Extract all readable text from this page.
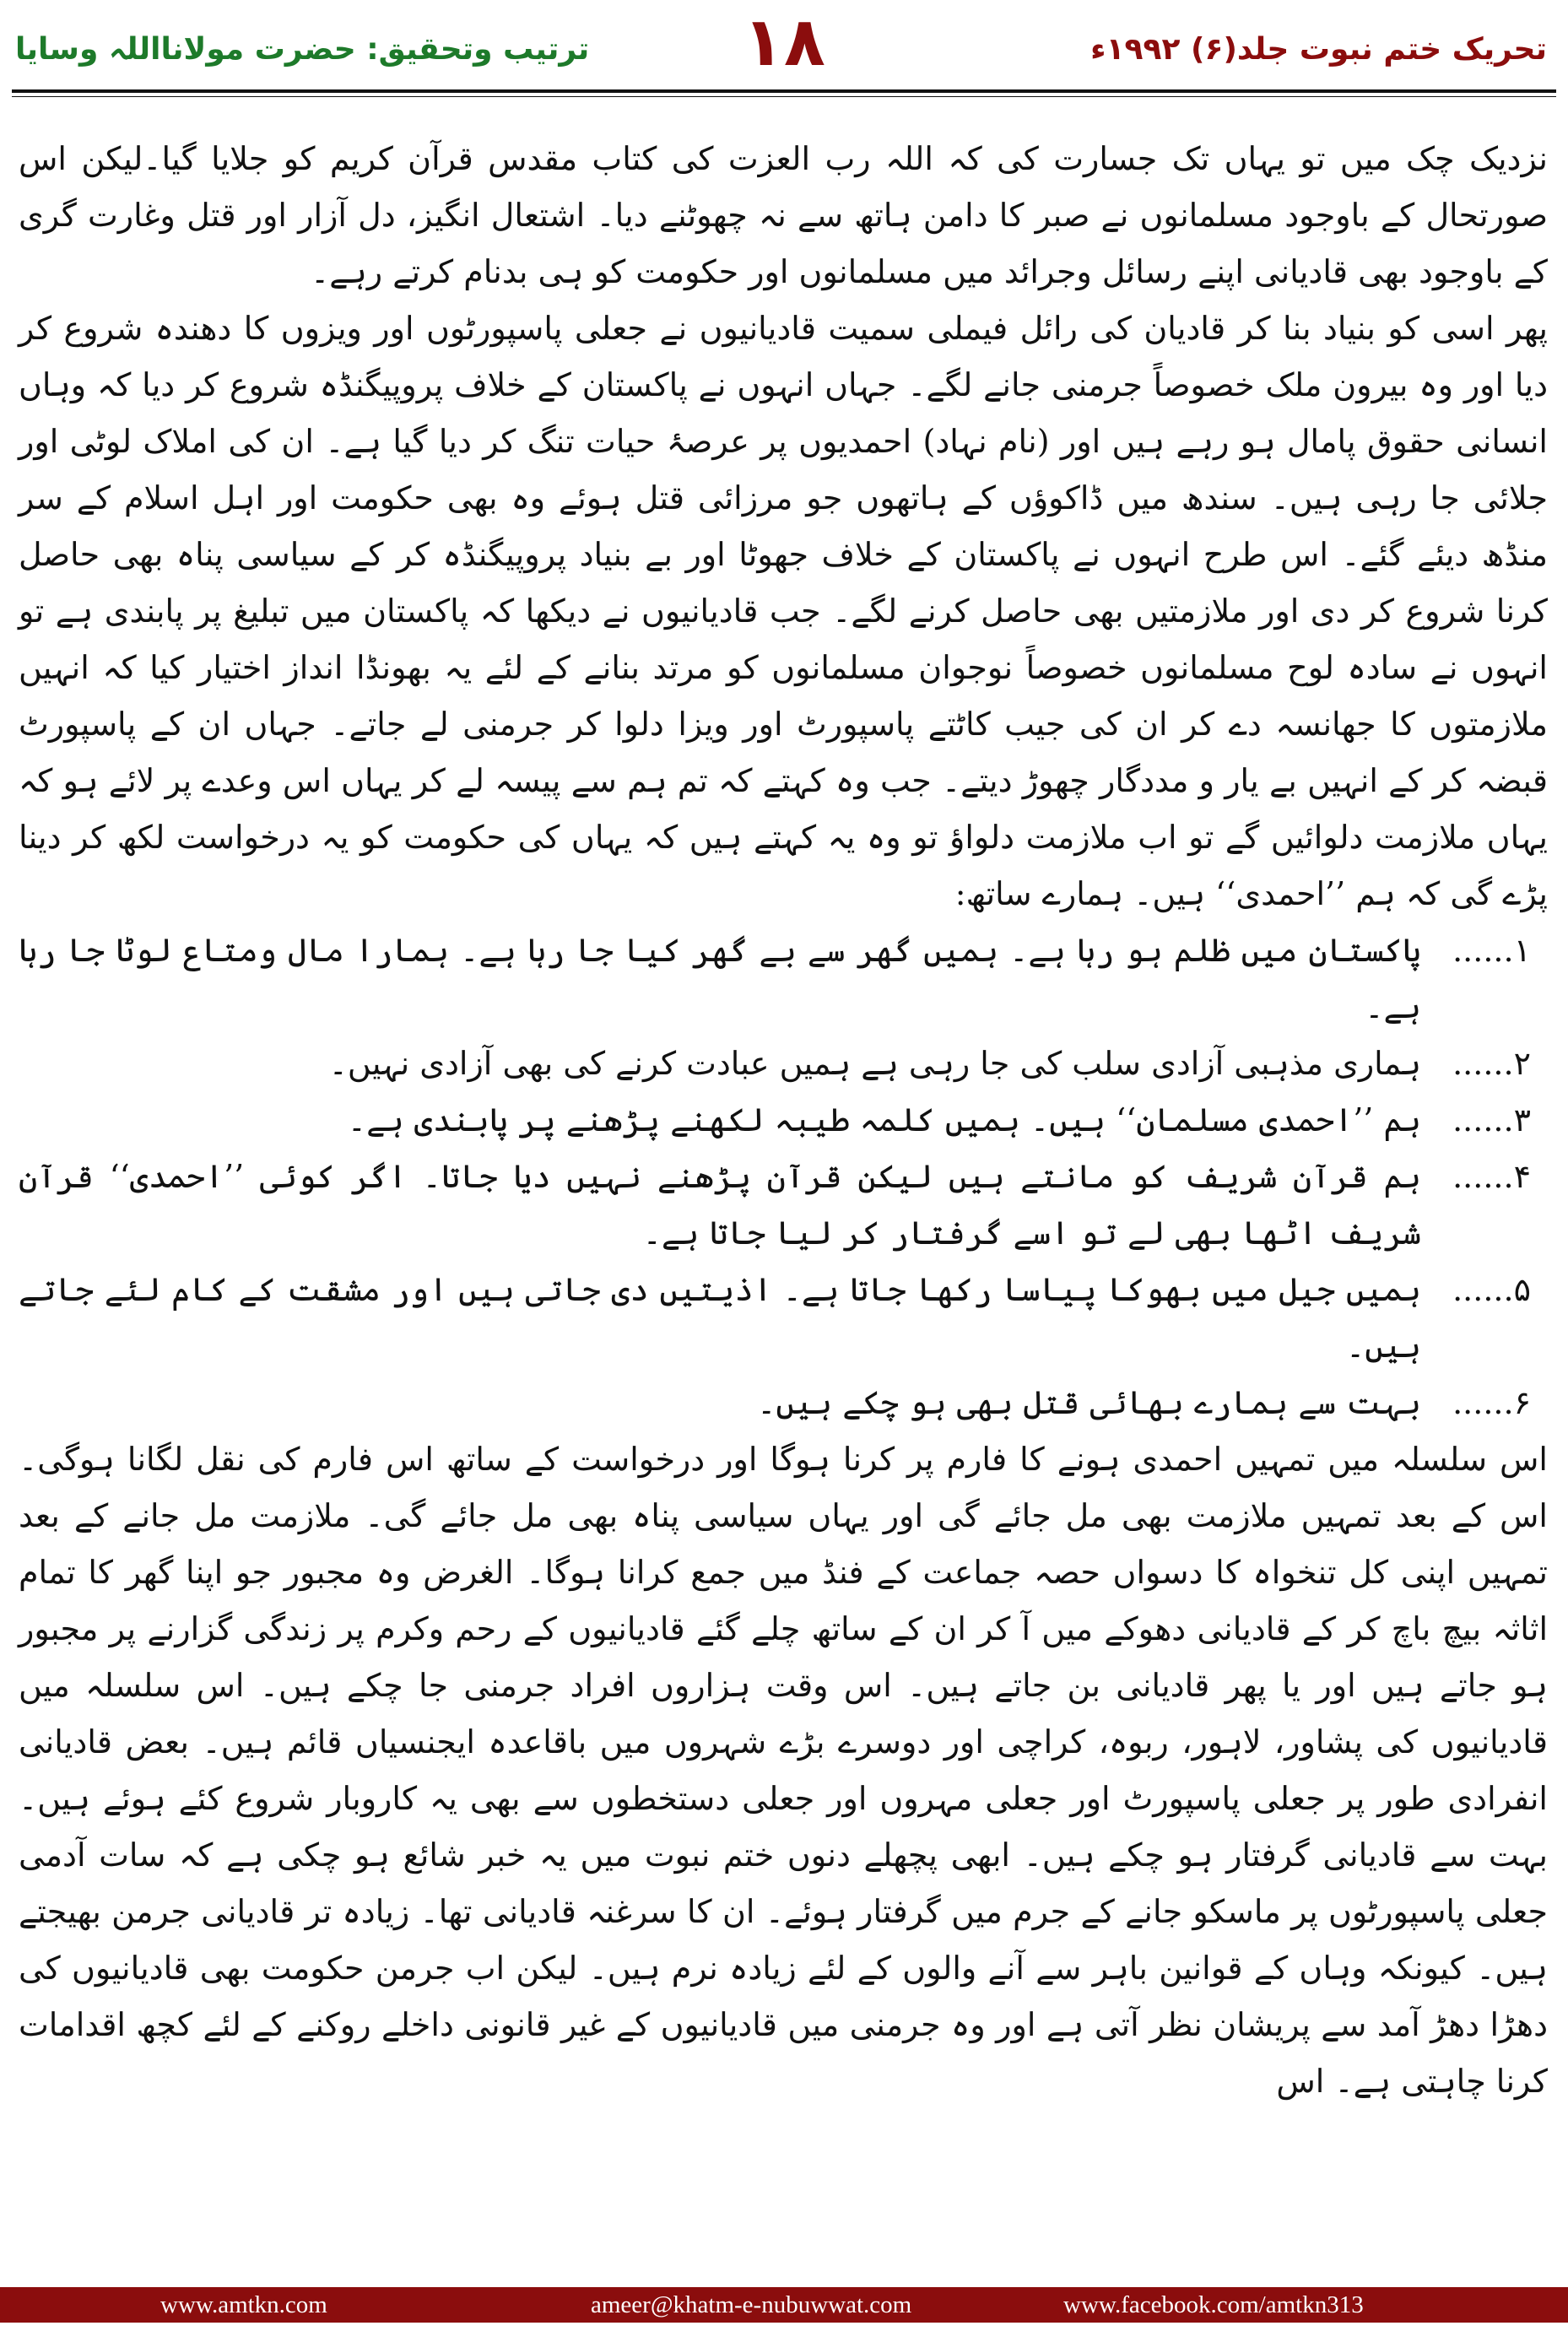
تحریک ختم نبوت جلد(۶) ۱۹۹۲ء
۱۸
ترتیب وتحقیق: حضرت مولانااللہ وسایا

نزدیک چک میں تو یہاں تک جسارت کی کہ اللہ رب العزت کی کتاب مقدس قرآن کریم کو جلایا گیا۔لیکن اس صورتحال کے باوجود مسلمانوں نے صبر کا دامن ہاتھ سے نہ چھوٹنے دیا۔ اشتعال انگیز، دل آزار اور قتل وغارت گری کے باوجود بھی قادیانی اپنے رسائل وجرائد میں مسلمانوں اور حکومت کو ہی بدنام کرتے رہے۔

پھر اسی کو بنیاد بنا کر قادیان کی رائل فیملی سمیت قادیانیوں نے جعلی پاسپورٹوں اور ویزوں کا دھندہ شروع کر دیا اور وہ بیرون ملک خصوصاً جرمنی جانے لگے۔ جہاں انہوں نے پاکستان کے خلاف پروپیگنڈہ شروع کر دیا کہ وہاں انسانی حقوق پامال ہو رہے ہیں اور (نام نہاد) احمدیوں پر عرصۂ حیات تنگ کر دیا گیا ہے۔ ان کی املاک لوٹی اور جلائی جا رہی ہیں۔ سندھ میں ڈاکوؤں کے ہاتھوں جو مرزائی قتل ہوئے وہ بھی حکومت اور اہل اسلام کے سر منڈھ دیئے گئے۔ اس طرح انہوں نے پاکستان کے خلاف جھوٹا اور بے بنیاد پروپیگنڈہ کر کے سیاسی پناہ بھی حاصل کرنا شروع کر دی اور ملازمتیں بھی حاصل کرنے لگے۔ جب قادیانیوں نے دیکھا کہ پاکستان میں تبلیغ پر پابندی ہے تو انہوں نے سادہ لوح مسلمانوں خصوصاً نوجوان مسلمانوں کو مرتد بنانے کے لئے یہ بھونڈا انداز اختیار کیا کہ انہیں ملازمتوں کا جھانسہ دے کر ان کی جیب کاٹتے پاسپورٹ اور ویزا دلوا کر جرمنی لے جاتے۔ جہاں ان کے پاسپورٹ قبضہ کر کے انہیں بے یار و مددگار چھوڑ دیتے۔ جب وہ کہتے کہ تم ہم سے پیسہ لے کر یہاں اس وعدے پر لائے ہو کہ یہاں ملازمت دلوائیں گے تو اب ملازمت دلواؤ تو وہ یہ کہتے ہیں کہ یہاں کی حکومت کو یہ درخواست لکھ کر دینا پڑے گی کہ ہم ’’احمدی‘‘ ہیں۔ ہمارے ساتھ:

۱......
پاکستان میں ظلم ہو رہا ہے۔ ہمیں گھر سے بے گھر کیا جا رہا ہے۔ ہمارا مال ومتاع لوٹا جا رہا ہے۔
۲......
ہماری مذہبی آزادی سلب کی جا رہی ہے ہمیں عبادت کرنے کی بھی آزادی نہیں۔
۳......
ہم ’’احمدی مسلمان‘‘ ہیں۔ ہمیں کلمہ طیبہ لکھنے پڑھنے پر پابندی ہے۔
۴......
ہم قرآن شریف کو مانتے ہیں لیکن قرآن پڑھنے نہیں دیا جاتا۔ اگر کوئی ’’احمدی‘‘ قرآن شریف اٹھا بھی لے تو اسے گرفتار کر لیا جاتا ہے۔
۵......
ہمیں جیل میں بھوکا پیاسا رکھا جاتا ہے۔ اذیتیں دی جاتی ہیں اور مشقت کے کام لئے جاتے ہیں۔
۶......
بہت سے ہمارے بھائی قتل بھی ہو چکے ہیں۔

اس سلسلہ میں تمہیں احمدی ہونے کا فارم پر کرنا ہوگا اور درخواست کے ساتھ اس فارم کی نقل لگانا ہوگی۔ اس کے بعد تمہیں ملازمت بھی مل جائے گی اور یہاں سیاسی پناہ بھی مل جائے گی۔ ملازمت مل جانے کے بعد تمہیں اپنی کل تنخواہ کا دسواں حصہ جماعت کے فنڈ میں جمع کرانا ہوگا۔ الغرض وہ مجبور جو اپنا گھر کا تمام اثاثہ بیچ باچ کر کے قادیانی دھوکے میں آ کر ان کے ساتھ چلے گئے قادیانیوں کے رحم وکرم پر زندگی گزارنے پر مجبور ہو جاتے ہیں اور یا پھر قادیانی بن جاتے ہیں۔ اس وقت ہزاروں افراد جرمنی جا چکے ہیں۔ اس سلسلہ میں قادیانیوں کی پشاور، لاہور، ربوہ، کراچی اور دوسرے بڑے شہروں میں باقاعدہ ایجنسیاں قائم ہیں۔ بعض قادیانی انفرادی طور پر جعلی پاسپورٹ اور جعلی مہروں اور جعلی دستخطوں سے بھی یہ کاروبار شروع کئے ہوئے ہیں۔ بہت سے قادیانی گرفتار ہو چکے ہیں۔ ابھی پچھلے دنوں ختم نبوت میں یہ خبر شائع ہو چکی ہے کہ سات آدمی جعلی پاسپورٹوں پر ماسکو جانے کے جرم میں گرفتار ہوئے۔ ان کا سرغنہ قادیانی تھا۔ زیادہ تر قادیانی جرمن بھیجتے ہیں۔ کیونکہ وہاں کے قوانین باہر سے آنے والوں کے لئے زیادہ نرم ہیں۔ لیکن اب جرمن حکومت بھی قادیانیوں کی دھڑا دھڑ آمد سے پریشان نظر آتی ہے اور وہ جرمنی میں قادیانیوں کے غیر قانونی داخلے روکنے کے لئے کچھ اقدامات کرنا چاہتی ہے۔ اس

www.amtkn.com	ameer@khatm-e-nubuwwat.com	www.facebook.com/amtkn313
